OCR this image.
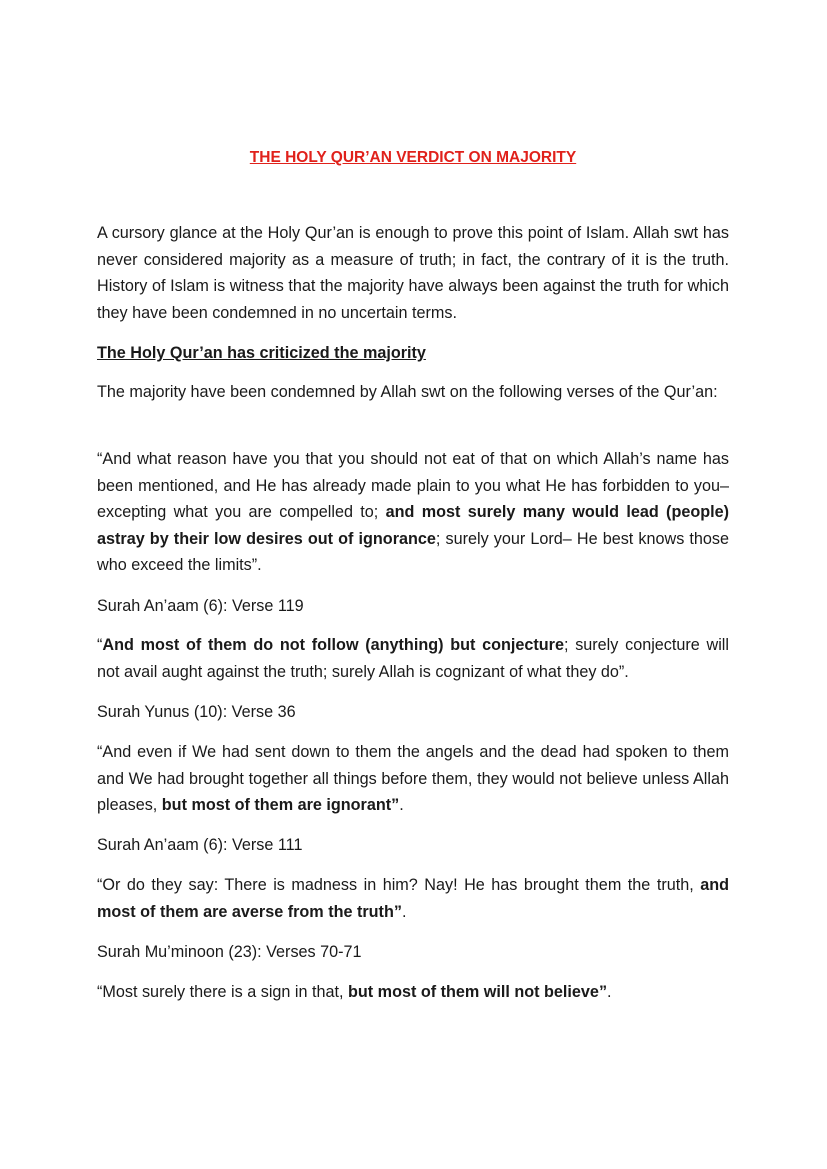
THE HOLY QUR’AN VERDICT ON MAJORITY

A cursory glance at the Holy Qur’an is enough to prove this point of Islam. Allah swt has never considered majority as a measure of truth; in fact, the contrary of it is the truth. History of Islam is witness that the majority have always been against the truth for which they have been condemned in no uncertain terms.

The Holy Qur’an has criticized the majority

The majority have been condemned by Allah swt on the following verses of the Qur’an:

“And what reason have you that you should not eat of that on which Allah’s name has been mentioned, and He has already made plain to you what He has forbidden to you– excepting what you are compelled to; and most surely many would lead (people) astray by their low desires out of ignorance; surely your Lord– He best knows those who exceed the limits”.

Surah An’aam (6): Verse 119

“And most of them do not follow (anything) but conjecture; surely conjecture will not avail aught against the truth; surely Allah is cognizant of what they do”.

Surah Yunus (10): Verse 36

“And even if We had sent down to them the angels and the dead had spoken to them and We had brought together all things before them, they would not believe unless Allah pleases, but most of them are ignorant”.

Surah An’aam (6): Verse 111

“Or do they say: There is madness in him? Nay! He has brought them the truth, and most of them are averse from the truth”.

Surah Mu’minoon (23): Verses 70-71

“Most surely there is a sign in that, but most of them will not believe”.
